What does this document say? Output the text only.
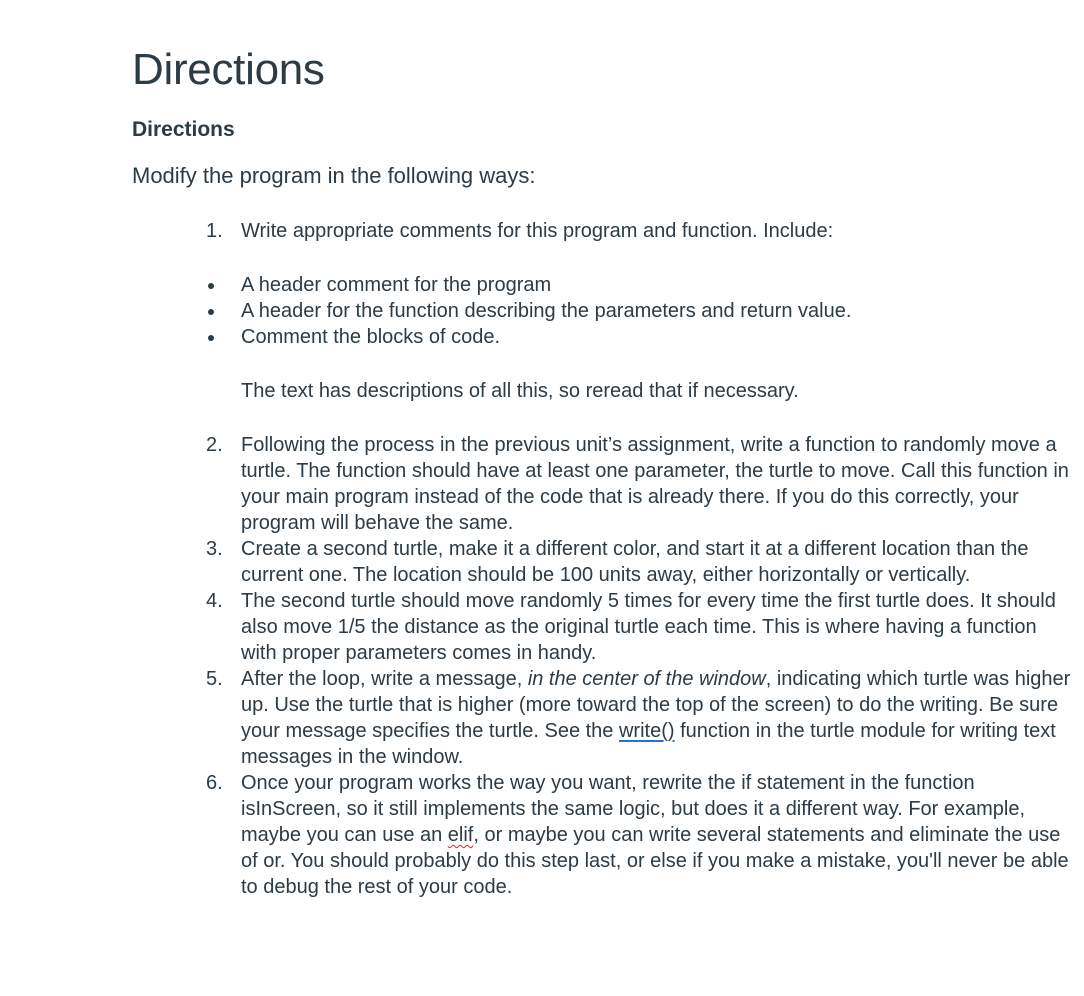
Directions
Directions

Modify the program in the following ways:

1. Write appropriate comments for this program and function. Include:
A header comment for the program
A header for the function describing the parameters and return value.
Comment the blocks of code.

The text has descriptions of all this, so reread that if necessary.

2. Following the process in the previous unit’s assignment, write a function to randomly move a turtle. The function should have at least one parameter, the turtle to move. Call this function in your main program instead of the code that is already there. If you do this correctly, your program will behave the same.
3. Create a second turtle, make it a different color, and start it at a different location than the current one. The location should be 100 units away, either horizontally or vertically.
4. The second turtle should move randomly 5 times for every time the first turtle does. It should also move 1/5 the distance as the original turtle each time. This is where having a function with proper parameters comes in handy.
5. After the loop, write a message, in the center of the window, indicating which turtle was higher up. Use the turtle that is higher (more toward the top of the screen) to do the writing. Be sure your message specifies the turtle. See the write() function in the turtle module for writing text messages in the window.
6. Once your program works the way you want, rewrite the if statement in the function isInScreen, so it still implements the same logic, but does it a different way. For example, maybe you can use an elif, or maybe you can write several statements and eliminate the use of or. You should probably do this step last, or else if you make a mistake, you'll never be able to debug the rest of your code.
